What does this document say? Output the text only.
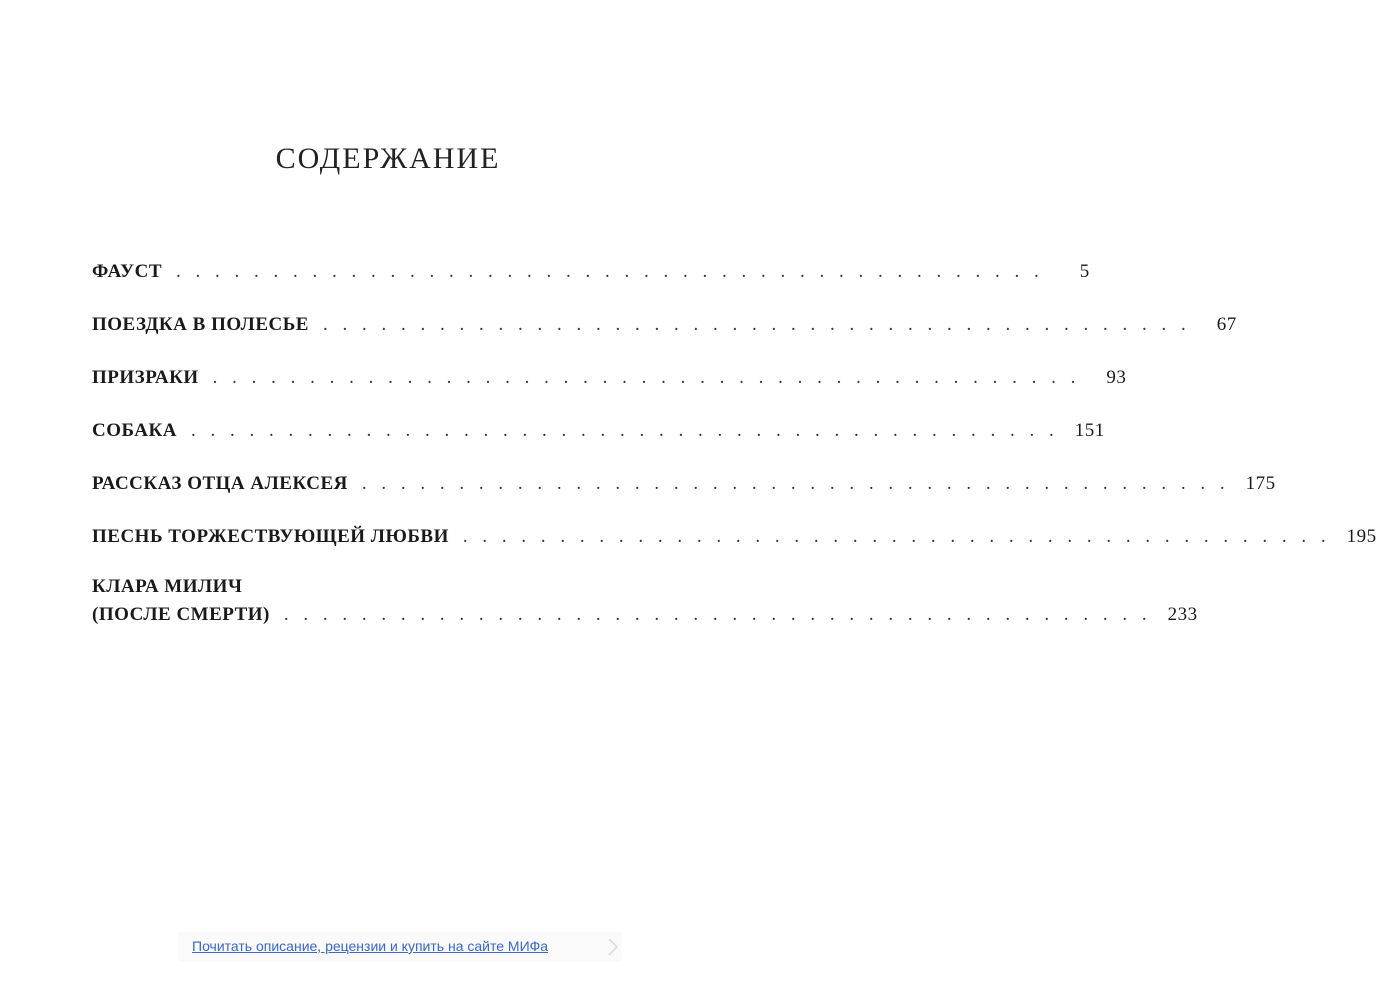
СОДЕРЖАНИЕ
ФАУСТ . . . . . . . . . . . . . . . . . . . . . . . . . . . . . . . . . . . . . . . . . . . . .	5
ПОЕЗДКА В ПОЛЕСЬЕ . . . . . . . . . . . . . . . . . . . . . . . . . . . . . . . . . . . . . . . . . . . . .	67
ПРИЗРАКИ . . . . . . . . . . . . . . . . . . . . . . . . . . . . . . . . . . . . . . . . . . . . .	93
СОБАКА . . . . . . . . . . . . . . . . . . . . . . . . . . . . . . . . . . . . . . . . . . . . . 151
РАССКАЗ ОТЦА АЛЕКСЕЯ . . . . . . . . . . . . . . . . . . . . . . . . . . . . . . . . . . . . . . . . . . . . . 175
ПЕСНЬ ТОРЖЕСТВУЮЩЕЙ ЛЮБВИ . . . . . . . . . . . . . . . . . . . . . . . . . . . . . . . . . . . . . . . . . . . . . 195
КЛАРА МИЛИЧ
(ПОСЛЕ СМЕРТИ) . . . . . . . . . . . . . . . . . . . . . . . . . . . . . . . . . . . . . . . . . . . . . 233
Почитать описание, рецензии и купить на сайте МИФа
